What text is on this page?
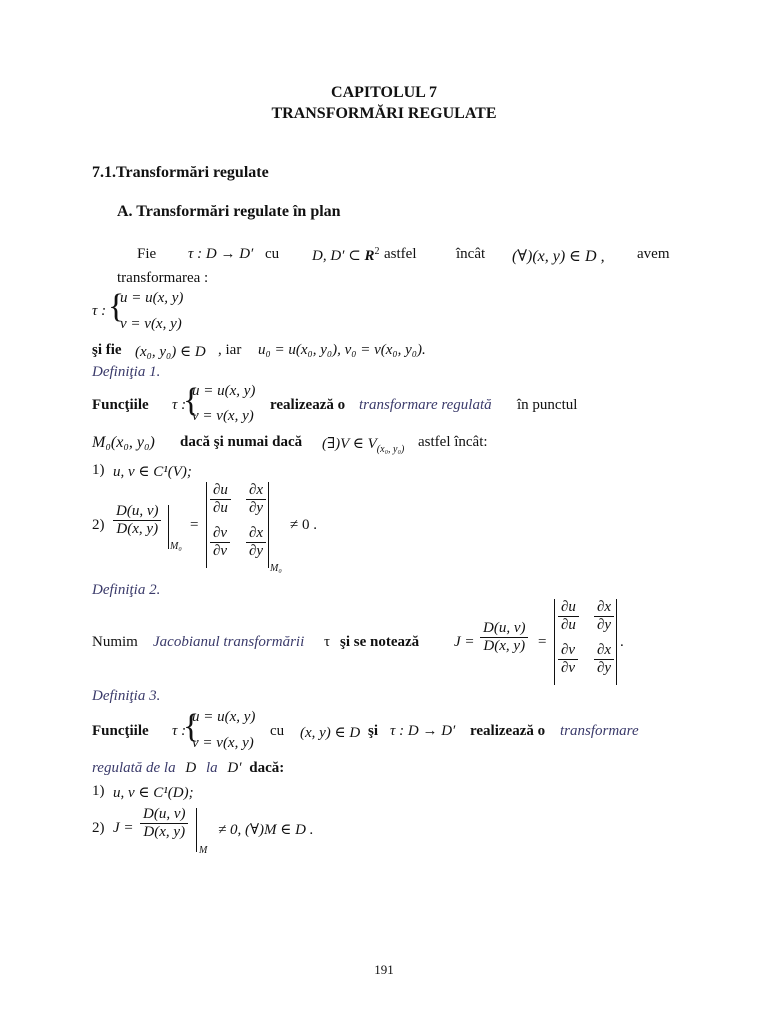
CAPITOLUL 7
TRANSFORMĂRI REGULATE
7.1.Transformări regulate
A. Transformări regulate în plan
Fie τ : D → D′ cu D, D′ ⊂ $R^2$ astfel	încât (∀)(x, y) ∈ D , avem
transformarea :
τ : {
u = u(x, y)
v = v(x, y)
şi fie (x₀, y₀) ∈ D , iar u₀ = u(x₀, y₀), v₀ = v(x₀, y₀).
Definiţia 1.
Funcţiile τ :
{
u = u(x, y)
v = v(x, y)
realizează o transformare regulată în punctul
M₀(x₀, y₀) dacă şi numai dacă (∃)V ∈ $V_{(x_0, y_0)}$ astfel încât:
1) u, v ∈ C¹(V);
$2) \frac{D(u, v)}{D(x, y)}$
M₀
=
$\frac{\partial u}{\partial u} \frac{\partial x}{\partial y}$
$\frac{\partial v}{\partial v} \frac{\partial x}{\partial y}$
M₀
≠ 0 .
Definiţia 2.
Numim Jacobianul transformării τ şi se notează $J = \frac{D(u, v)}{D(x, y)}$ =
$\frac{\partial u}{\partial u} \frac{\partial x}{\partial y}$
$\frac{\partial v}{\partial v} \frac{\partial x}{\partial y}$ .
Definiţia 3.
Funcţiile τ :
{
u = u(x, y)
v = v(x, y)
cu (x, y) ∈ D şi τ : D → D′ realizează o transformare
regulată de la D la D′ dacă:
1) u, v ∈ C¹(D);
2) $J = \frac{D(u, v)}{D(x, y)}$
M
≠ 0, (∀)M ∈ D .
191
